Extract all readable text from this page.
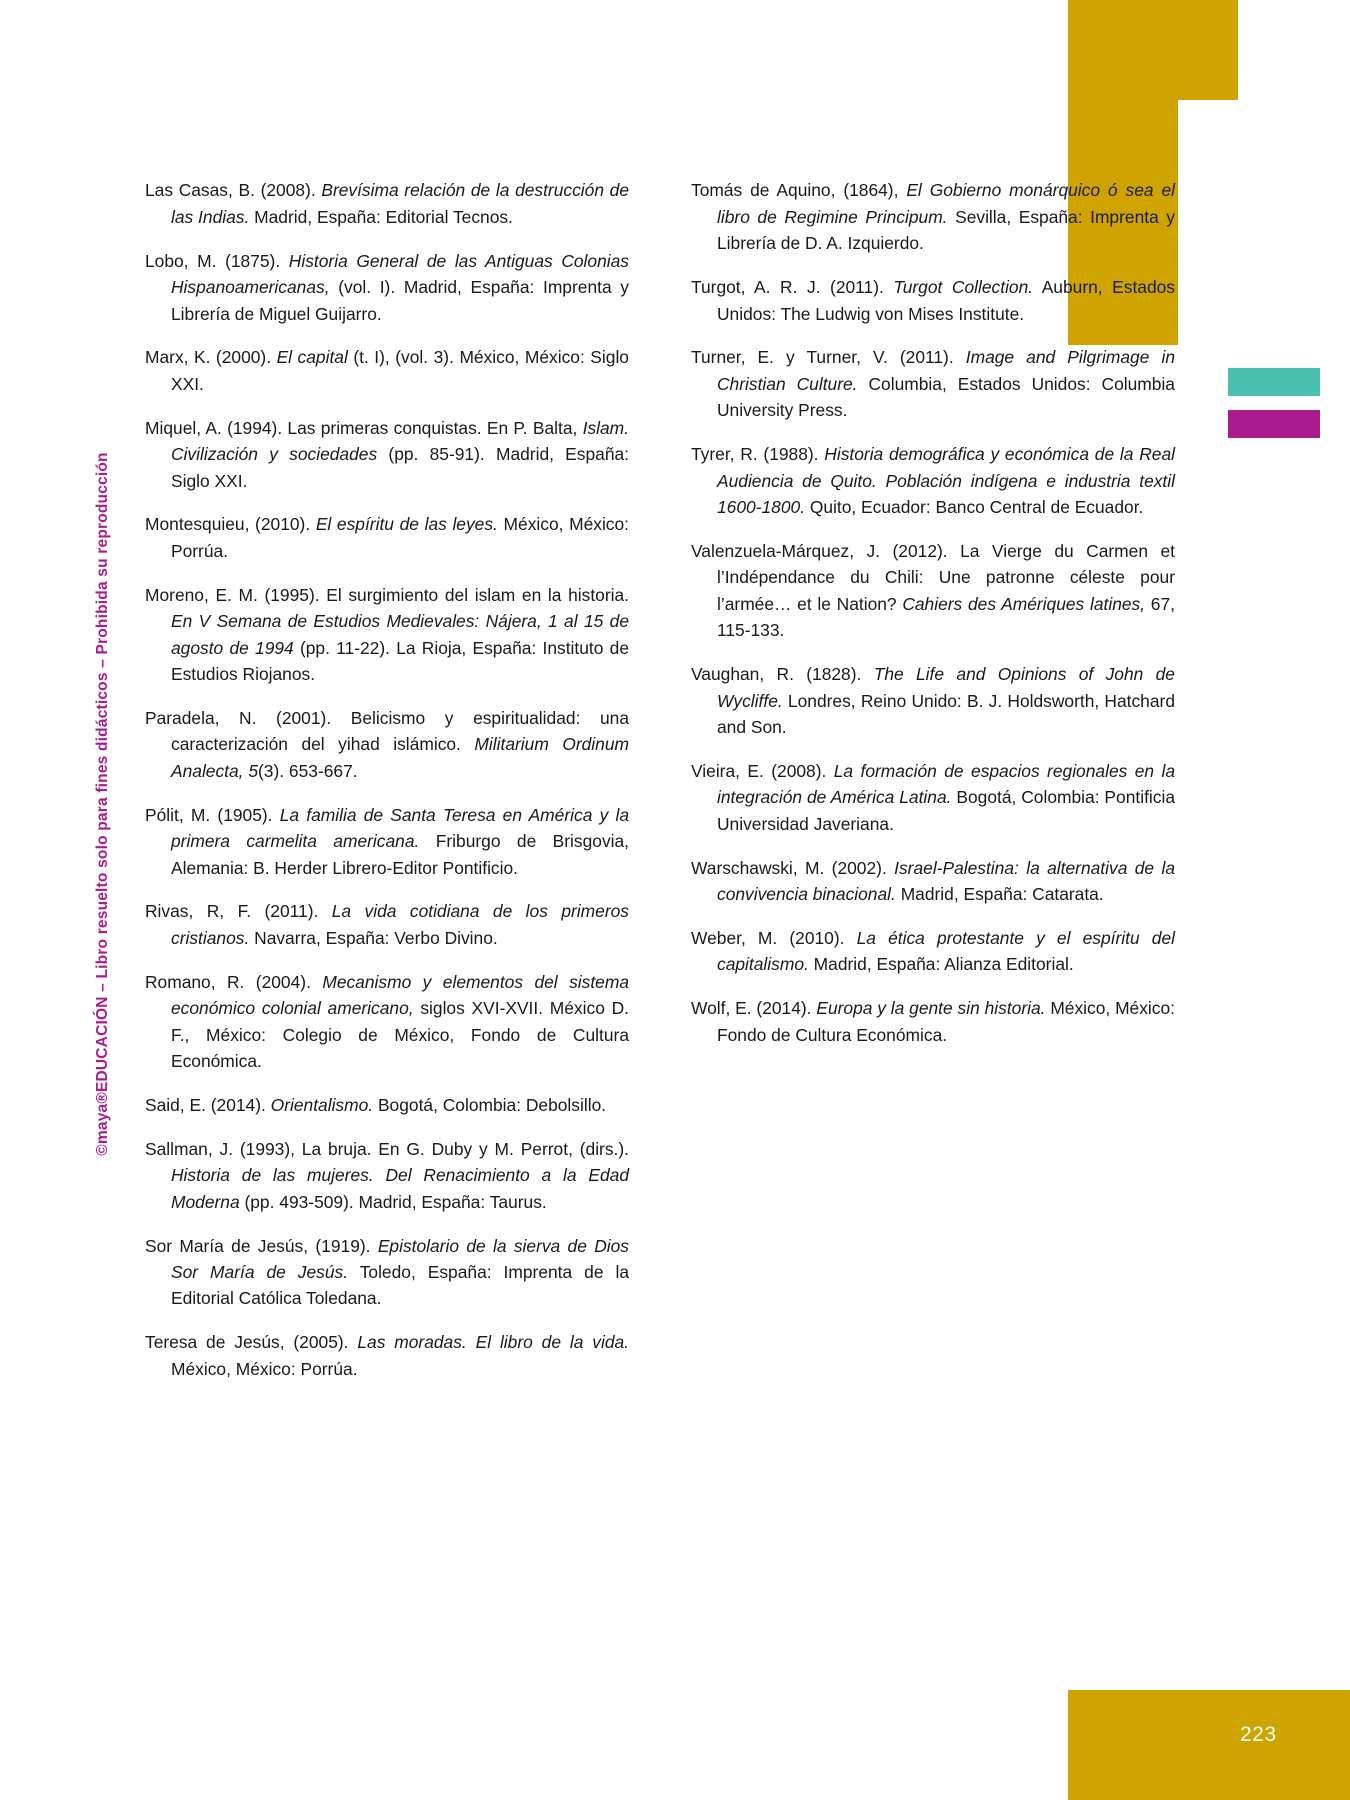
©maya®EDUCACIÓN – Libro resuelto solo para fines didácticos – Prohibida su reproducción

Las Casas, B. (2008). Brevísima relación de la destrucción de las Indias. Madrid, España: Editorial Tecnos.

Lobo, M. (1875). Historia General de las Antiguas Colonias Hispanoamericanas, (vol. I). Madrid, España: Imprenta y Librería de Miguel Guijarro.

Marx, K. (2000). El capital (t. I), (vol. 3). México, México: Siglo XXI.

Miquel, A. (1994). Las primeras conquistas. En P. Balta, Islam. Civilización y sociedades (pp. 85-91). Madrid, España: Siglo XXI.

Montesquieu, (2010). El espíritu de las leyes. México, México: Porrúa.

Moreno, E. M. (1995). El surgimiento del islam en la historia. En V Semana de Estudios Medievales: Nájera, 1 al 15 de agosto de 1994 (pp. 11-22). La Rioja, España: Instituto de Estudios Riojanos.

Paradela, N. (2001). Belicismo y espiritualidad: una caracterización del yihad islámico. Militarium Ordinum Analecta, 5(3). 653-667.

Pólit, M. (1905). La familia de Santa Teresa en América y la primera carmelita americana. Friburgo de Brisgovia, Alemania: B. Herder Librero-Editor Pontificio.

Rivas, R, F. (2011). La vida cotidiana de los primeros cristianos. Navarra, España: Verbo Divino.

Romano, R. (2004). Mecanismo y elementos del sistema económico colonial americano, siglos XVI-XVII. México D. F., México: Colegio de México, Fondo de Cultura Económica.

Said, E. (2014). Orientalismo. Bogotá, Colombia: Debolsillo.

Sallman, J. (1993), La bruja. En G. Duby y M. Perrot, (dirs.). Historia de las mujeres. Del Renacimiento a la Edad Moderna (pp. 493-509). Madrid, España: Taurus.

Sor María de Jesús, (1919). Epistolario de la sierva de Dios Sor María de Jesús. Toledo, España: Imprenta de la Editorial Católica Toledana.

Teresa de Jesús, (2005). Las moradas. El libro de la vida. México, México: Porrúa.

Tomás de Aquino, (1864), El Gobierno monárquico ó sea el libro de Regimine Principum. Sevilla, España: Imprenta y Librería de D. A. Izquierdo.

Turgot, A. R. J. (2011). Turgot Collection. Auburn, Estados Unidos: The Ludwig von Mises Institute.

Turner, E. y Turner, V. (2011). Image and Pilgrimage in Christian Culture. Columbia, Estados Unidos: Columbia University Press.

Tyrer, R. (1988). Historia demográfica y económica de la Real Audiencia de Quito. Población indígena e industria textil 1600-1800. Quito, Ecuador: Banco Central de Ecuador.

Valenzuela-Márquez, J. (2012). La Vierge du Carmen et l’Indépendance du Chili: Une patronne céleste pour l’armée… et le Nation? Cahiers des Amériques latines, 67, 115-133.

Vaughan, R. (1828). The Life and Opinions of John de Wycliffe. Londres, Reino Unido: B. J. Holdsworth, Hatchard and Son.

Vieira, E. (2008). La formación de espacios regionales en la integración de América Latina. Bogotá, Colombia: Pontificia Universidad Javeriana.

Warschawski, M. (2002). Israel-Palestina: la alternativa de la convivencia binacional. Madrid, España: Catarata.

Weber, M. (2010). La ética protestante y el espíritu del capitalismo. Madrid, España: Alianza Editorial.

Wolf, E. (2014). Europa y la gente sin historia. México, México: Fondo de Cultura Económica.

223
